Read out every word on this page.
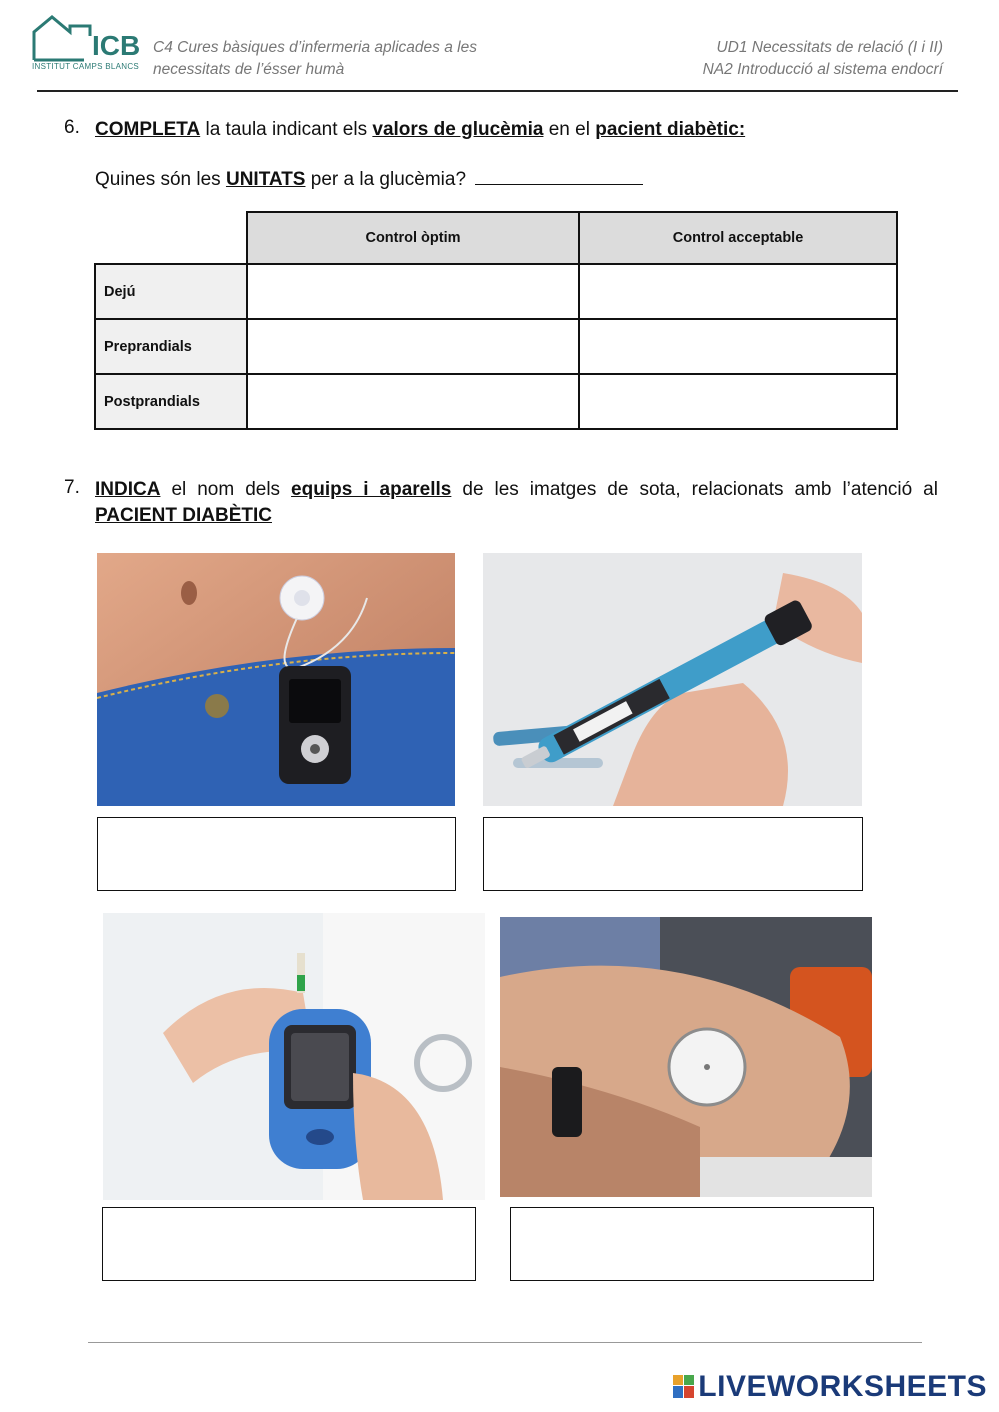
ICB
INSTITUT CAMPS BLANCS
C4 Cures bàsiques d’infermeria aplicades a les
necessitats de l’ésser humà
UD1 Necessitats de relació (I i II)
NA2 Introducció al sistema endocrí
6. COMPLETA la taula indicant els valors de glucèmia en el pacient diabètic:
Quines són les UNITATS per a la glucèmia?
	Control òptim	Control acceptable
Dejú		
Preprandials		
Postprandials		
7. INDICA el nom dels equips i aparells de les imatges de sota, relacionats amb l’atenció al PACIENT DIABÈTIC
LIVEWORKSHEETS
